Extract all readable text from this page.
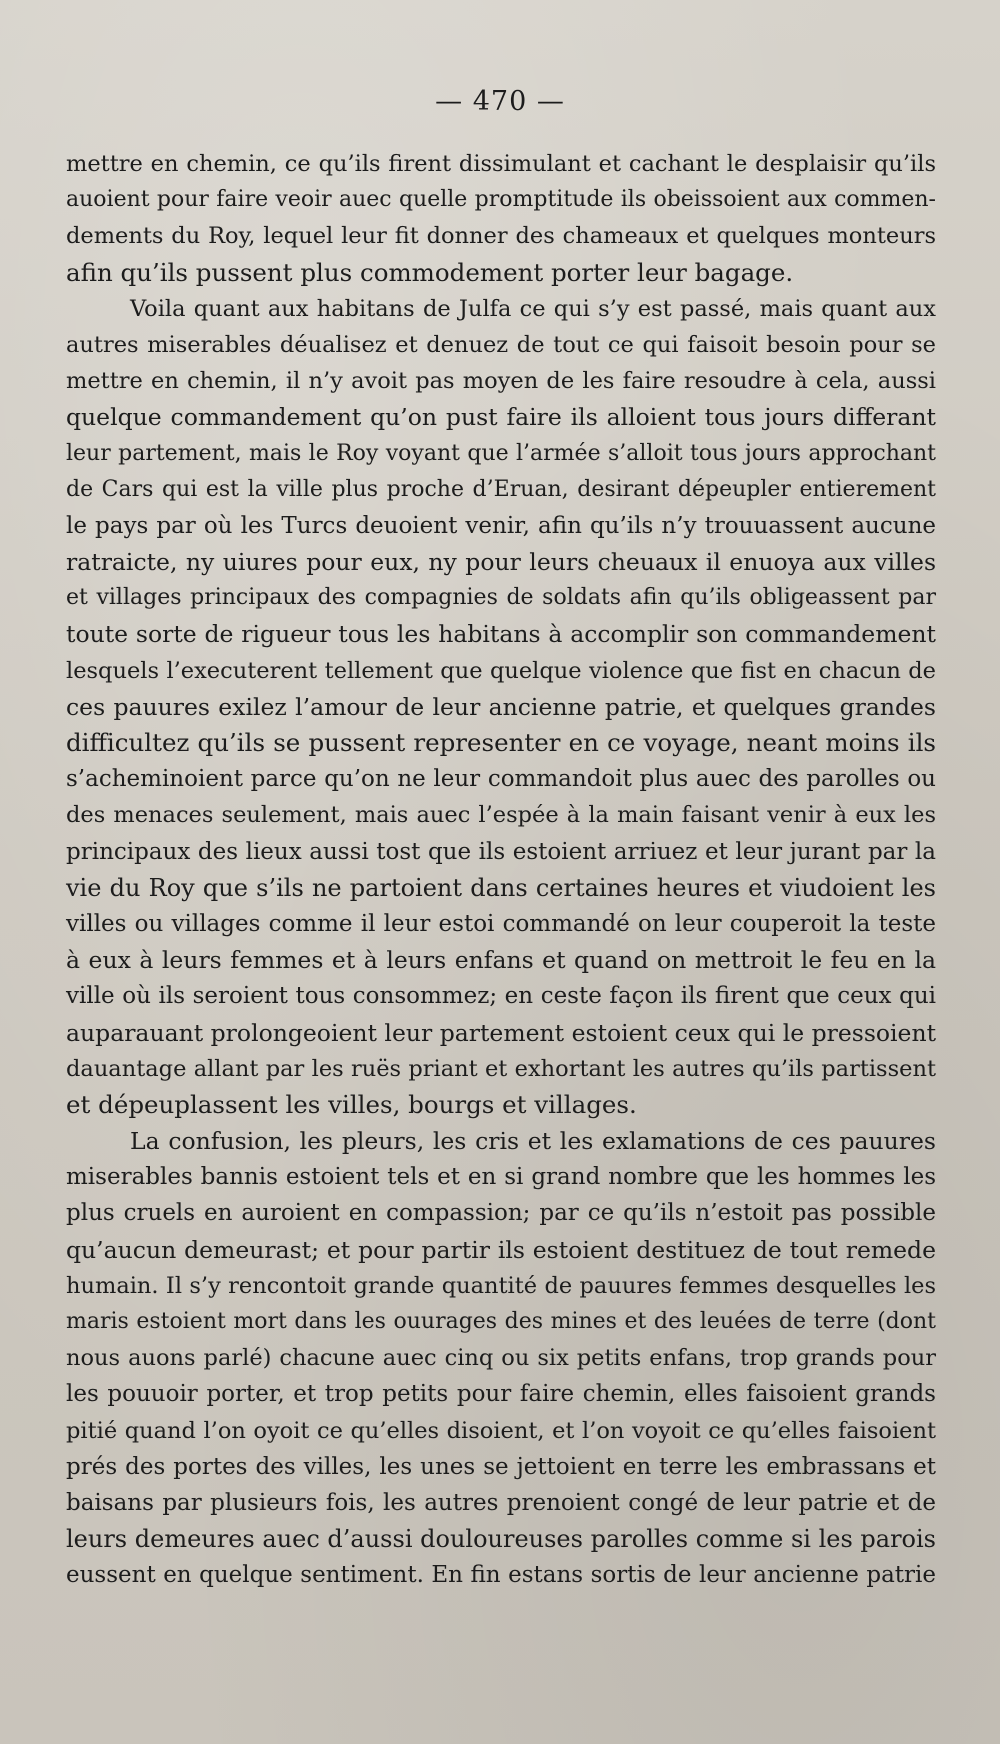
— 470 —
mettre en chemin, ce qu’ils firent dissimulant et cachant le desplaisir qu’ils
auoient pour faire veoir auec quelle promptitude ils obeissoient aux commen-
dements du Roy, lequel leur fit donner des chameaux et quelques monteurs
afin qu’ils pussent plus commodement porter leur bagage.
Voila quant aux habitans de Julfa ce qui s’y est passé, mais quant aux
autres miserables déualisez et denuez de tout ce qui faisoit besoin pour se
mettre en chemin, il n’y avoit pas moyen de les faire resoudre à cela, aussi
quelque commandement qu’on pust faire ils alloient tous jours differant
leur partement, mais le Roy voyant que l’armée s’alloit tous jours approchant
de Cars qui est la ville plus proche d’Eruan, desirant dépeupler entierement
le pays par où les Turcs deuoient venir, afin qu’ils n’y trouuassent aucune
ratraicte, ny uiures pour eux, ny pour leurs cheuaux il enuoya aux villes
et villages principaux des compagnies de soldats afin qu’ils obligeassent par
toute sorte de rigueur tous les habitans à accomplir son commandement
lesquels l’executerent tellement que quelque violence que fist en chacun de
ces pauures exilez l’amour de leur ancienne patrie, et quelques grandes
difficultez qu’ils se pussent representer en ce voyage, neant moins ils
s’acheminoient parce qu’on ne leur commandoit plus auec des parolles ou
des menaces seulement, mais auec l’espée à la main faisant venir à eux les
principaux des lieux aussi tost que ils estoient arriuez et leur jurant par la
vie du Roy que s’ils ne partoient dans certaines heures et viudoient les
villes ou villages comme il leur estoi commandé on leur couperoit la teste
à eux à leurs femmes et à leurs enfans et quand on mettroit le feu en la
ville où ils seroient tous consommez; en ceste façon ils firent que ceux qui
auparauant prolongeoient leur partement estoient ceux qui le pressoient
dauantage allant par les ruës priant et exhortant les autres qu’ils partissent
et dépeuplassent les villes, bourgs et villages.
La confusion, les pleurs, les cris et les exlamations de ces pauures
miserables bannis estoient tels et en si grand nombre que les hommes les
plus cruels en auroient en compassion; par ce qu’ils n’estoit pas possible
qu’aucun demeurast; et pour partir ils estoient destituez de tout remede
humain. Il s’y rencontoit grande quantité de pauures femmes desquelles les
maris estoient mort dans les ouurages des mines et des leuées de terre (dont
nous auons parlé) chacune auec cinq ou six petits enfans, trop grands pour
les pouuoir porter, et trop petits pour faire chemin, elles faisoient grands
pitié quand l’on oyoit ce qu’elles disoient, et l’on voyoit ce qu’elles faisoient
prés des portes des villes, les unes se jettoient en terre les embrassans et
baisans par plusieurs fois, les autres prenoient congé de leur patrie et de
leurs demeures auec d’aussi douloureuses parolles comme si les parois
eussent en quelque sentiment. En fin estans sortis de leur ancienne patrie
